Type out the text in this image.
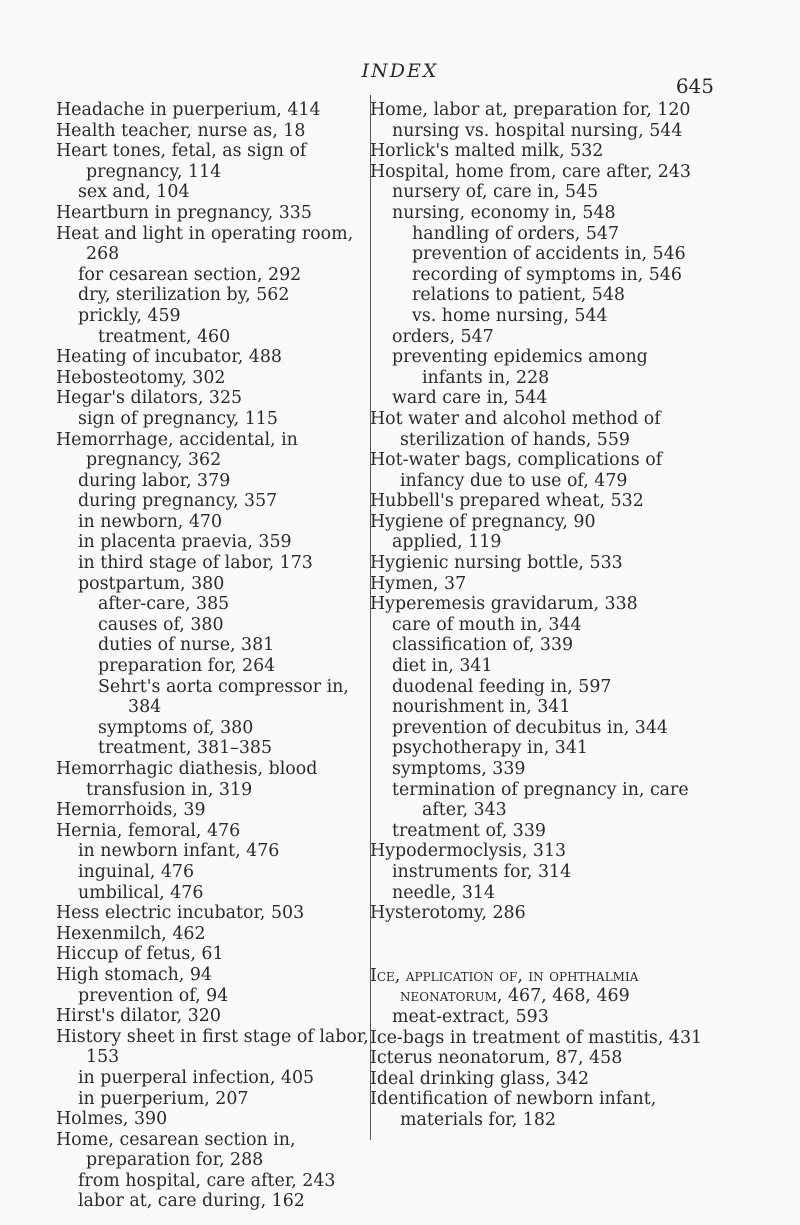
INDEX
645
Headache in puerperium, 414
Health teacher, nurse as, 18
Heart tones, fetal, as sign of pregnancy, 114
sex and, 104
Heartburn in pregnancy, 335
Heat and light in operating room, 268
for cesarean section, 292
dry, sterilization by, 562
prickly, 459
treatment, 460
Heating of incubator, 488
Hebosteotomy, 302
Hegar's dilators, 325
sign of pregnancy, 115
Hemorrhage, accidental, in pregnancy, 362
during labor, 379
during pregnancy, 357
in newborn, 470
in placenta praevia, 359
in third stage of labor, 173
postpartum, 380
after-care, 385
causes of, 380
duties of nurse, 381
preparation for, 264
Sehrt's aorta compressor in, 384
symptoms of, 380
treatment, 381–385
Hemorrhagic diathesis, blood transfusion in, 319
Hemorrhoids, 39
Hernia, femoral, 476
in newborn infant, 476
inguinal, 476
umbilical, 476
Hess electric incubator, 503
Hexenmilch, 462
Hiccup of fetus, 61
High stomach, 94
prevention of, 94
Hirst's dilator, 320
History sheet in first stage of labor, 153
in puerperal infection, 405
in puerperium, 207
Holmes, 390
Home, cesarean section in, preparation for, 288
from hospital, care after, 243
labor at, care during, 162
Home, labor at, preparation for, 120
nursing vs. hospital nursing, 544
Horlick's malted milk, 532
Hospital, home from, care after, 243
nursery of, care in, 545
nursing, economy in, 548
handling of orders, 547
prevention of accidents in, 546
recording of symptoms in, 546
relations to patient, 548
vs. home nursing, 544
orders, 547
preventing epidemics among infants in, 228
ward care in, 544
Hot water and alcohol method of sterilization of hands, 559
Hot-water bags, complications of infancy due to use of, 479
Hubbell's prepared wheat, 532
Hygiene of pregnancy, 90
applied, 119
Hygienic nursing bottle, 533
Hymen, 37
Hyperemesis gravidarum, 338
care of mouth in, 344
classification of, 339
diet in, 341
duodenal feeding in, 597
nourishment in, 341
prevention of decubitus in, 344
psychotherapy in, 341
symptoms, 339
termination of pregnancy in, care after, 343
treatment of, 339
Hypodermoclysis, 313
instruments for, 314
needle, 314
Hysterotomy, 286
Ice, application of, in ophthalmia neonatorum, 467, 468, 469
meat-extract, 593
Ice-bags in treatment of mastitis, 431
Icterus neonatorum, 87, 458
Ideal drinking glass, 342
Identification of newborn infant, materials for, 182
